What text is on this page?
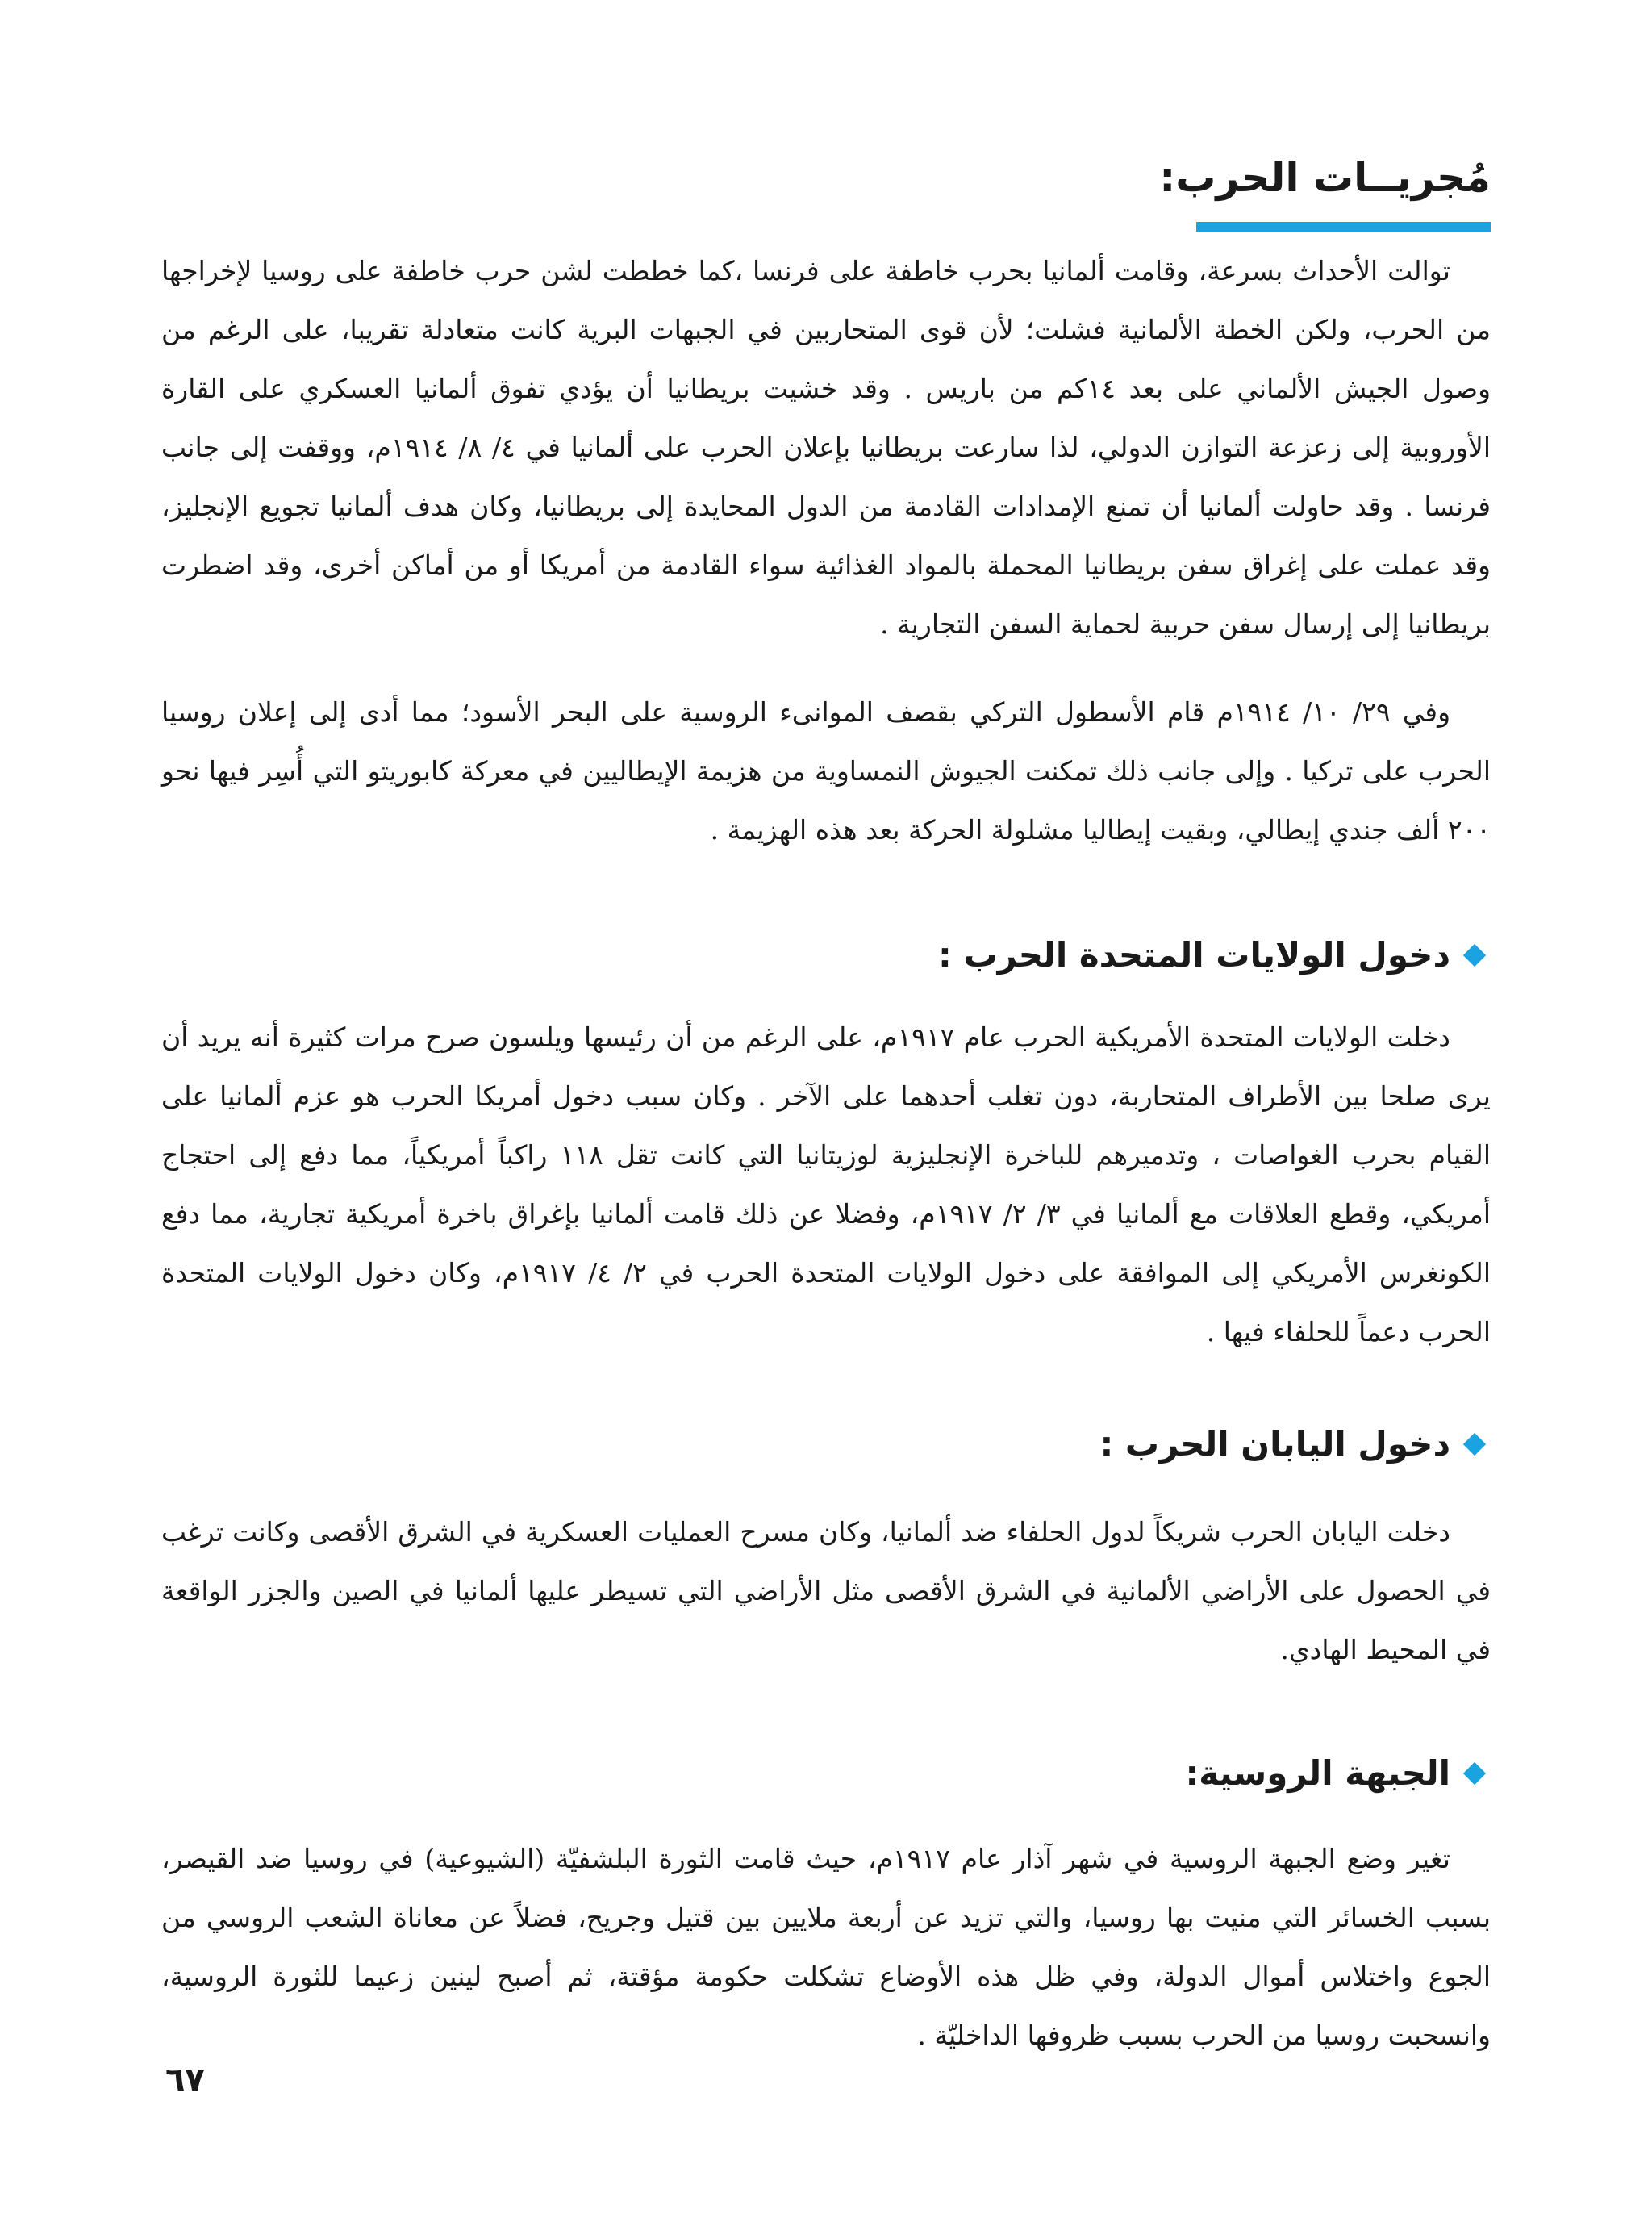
مُجريــات الحرب:

توالت الأحداث بسرعة، وقامت ألمانيا بحرب خاطفة على فرنسا ،كما خططت لشن حرب خاطفة على روسيا لإخراجها من الحرب، ولكن الخطة الألمانية فشلت؛ لأن قوى المتحاربين في الجبهات البرية كانت متعادلة تقريبا، على الرغم من وصول الجيش الألماني على بعد ١٤كم من باريس . وقد خشيت بريطانيا أن يؤدي تفوق ألمانيا العسكري على القارة الأوروبية إلى زعزعة التوازن الدولي، لذا سارعت بريطانيا بإعلان الحرب على ألمانيا في ٤/ ٨/ ١٩١٤م، ووقفت إلى جانب فرنسا . وقد حاولت ألمانيا أن تمنع الإمدادات القادمة من الدول المحايدة إلى بريطانيا، وكان هدف ألمانيا تجويع الإنجليز، وقد عملت على إغراق سفن بريطانيا المحملة بالمواد الغذائية سواء القادمة من أمريكا أو من أماكن أخرى، وقد اضطرت بريطانيا إلى إرسال سفن حربية لحماية السفن التجارية .

وفي ٢٩/ ١٠/ ١٩١٤م قام الأسطول التركي بقصف الموانىء الروسية على البحر الأسود؛ مما أدى إلى إعلان روسيا الحرب على تركيا . وإلى جانب ذلك تمكنت الجيوش النمساوية من هزيمة الإيطاليين في معركة كابوريتو التي أُسِر فيها نحو ٢٠٠ ألف جندي إيطالي، وبقيت إيطاليا مشلولة الحركة بعد هذه الهزيمة .

دخول الولايات المتحدة الحرب :

دخلت الولايات المتحدة الأمريكية الحرب عام ١٩١٧م، على الرغم من أن رئيسها ويلسون صرح مرات كثيرة أنه يريد أن يرى صلحا بين الأطراف المتحاربة، دون تغلب أحدهما على الآخر . وكان سبب دخول أمريكا الحرب هو عزم ألمانيا على القيام بحرب الغواصات ، وتدميرهم للباخرة الإنجليزية لوزيتانيا التي كانت تقل ١١٨ راكباً أمريكياً، مما دفع إلى احتجاج أمريكي، وقطع العلاقات مع ألمانيا في ٣/ ٢/ ١٩١٧م، وفضلا عن ذلك قامت ألمانيا بإغراق باخرة أمريكية تجارية، مما دفع الكونغرس الأمريكي إلى الموافقة على دخول الولايات المتحدة الحرب في ٢/ ٤/ ١٩١٧م، وكان دخول الولايات المتحدة الحرب دعماً للحلفاء فيها .

دخول اليابان الحرب :

دخلت اليابان الحرب شريكاً لدول الحلفاء ضد ألمانيا، وكان مسرح العمليات العسكرية في الشرق الأقصى وكانت ترغب في الحصول على الأراضي الألمانية في الشرق الأقصى مثل الأراضي التي تسيطر عليها ألمانيا في الصين والجزر الواقعة في المحيط الهادي.

الجبهة الروسية:

تغير وضع الجبهة الروسية في شهر آذار عام ١٩١٧م، حيث قامت الثورة البلشفيّة (الشيوعية) في روسيا ضد القيصر، بسبب الخسائر التي منيت بها روسيا، والتي تزيد عن أربعة ملايين بين قتيل وجريح، فضلاً عن معاناة الشعب الروسي من الجوع واختلاس أموال الدولة، وفي ظل هذه الأوضاع تشكلت حكومة مؤقتة، ثم أصبح لينين زعيما للثورة الروسية، وانسحبت روسيا من الحرب بسبب ظروفها الداخليّة .

٦٧
